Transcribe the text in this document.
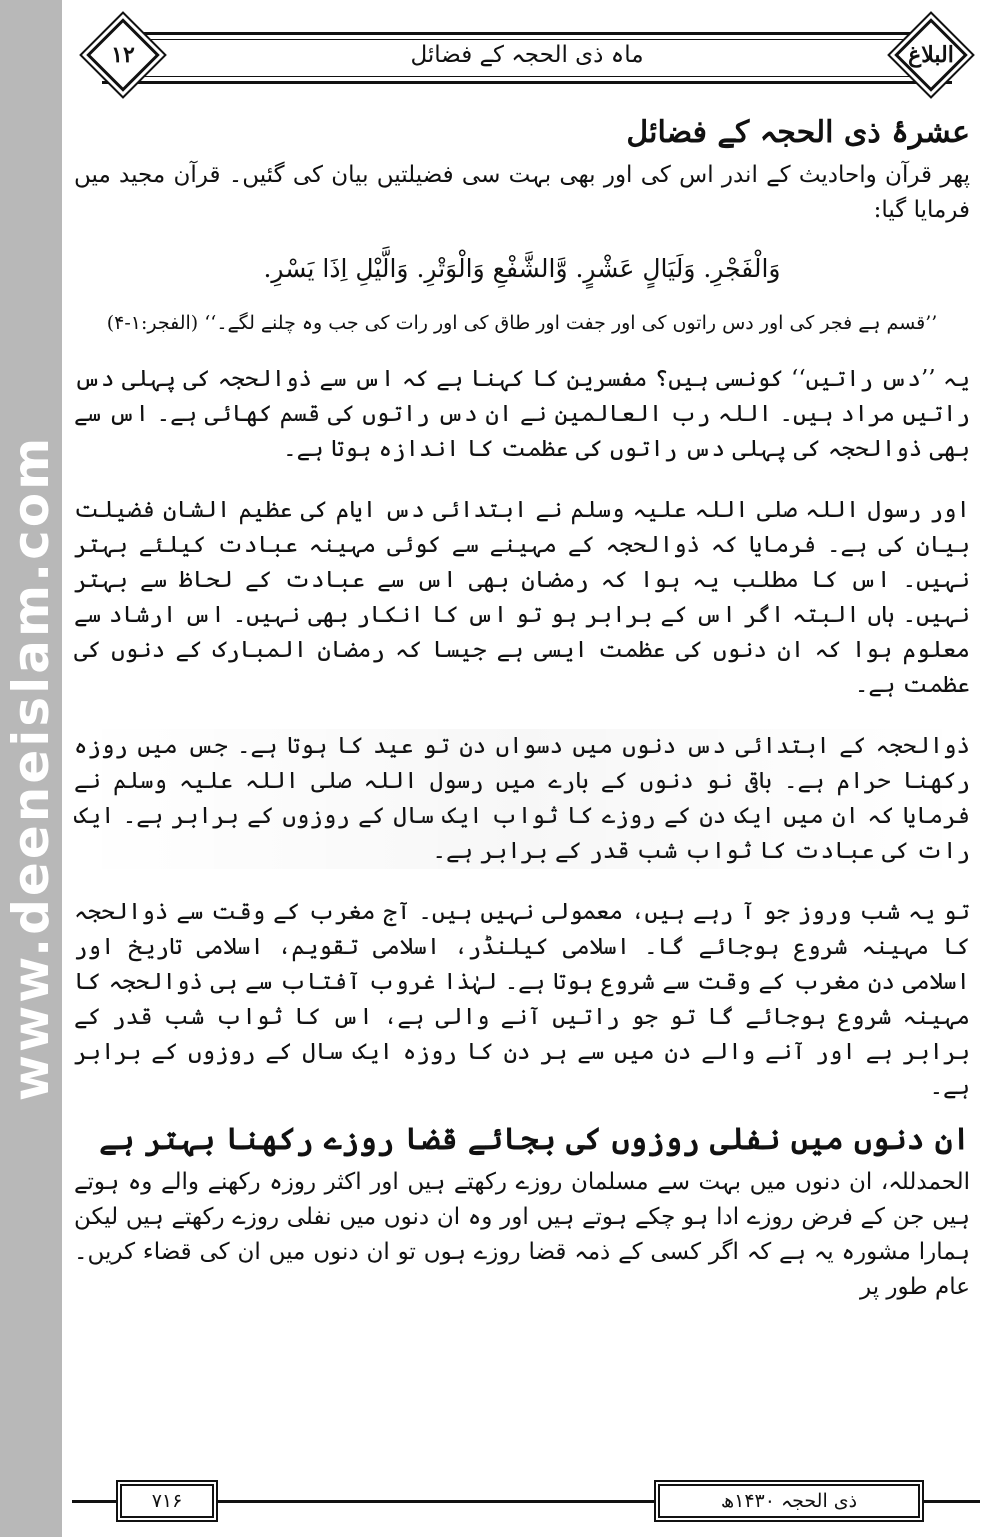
www.deeneislam.com
۱۲	ماہ ذی الحجہ کے فضائل	البلاغ

عشرۂ ذی الحجہ کے فضائل

پھر قرآن واحادیث کے اندر اس کی اور بھی بہت سی فضیلتیں بیان کی گئیں۔ قرآن مجید میں فرمایا گیا:

وَالْفَجْرِ. وَلَيَالٍ عَشْرٍ. وَّالشَّفْعِ وَالْوَتْرِ. وَالَّيْلِ اِذَا يَسْرِ.

’’قسم ہے فجر کی اور دس راتوں کی اور جفت اور طاق کی اور رات کی جب وہ چلنے لگے۔‘‘ (الفجر:۱-۴)

یہ ’’دس راتیں‘‘ کونسی ہیں؟ مفسرین کا کہنا ہے کہ اس سے ذوالحجہ کی پہلی دس راتیں مراد ہیں۔ اللہ رب العالمین نے ان دس راتوں کی قسم کھائی ہے۔ اس سے بھی ذوالحجہ کی پہلی دس راتوں کی عظمت کا اندازہ ہوتا ہے۔

اور رسول اللہ صلی اللہ علیہ وسلم نے ابتدائی دس ایام کی عظیم الشان فضیلت بیان کی ہے۔ فرمایا کہ ذوالحجہ کے مہینے سے کوئی مہینہ عبادت کیلئے بہتر نہیں۔ اس کا مطلب یہ ہوا کہ رمضان بھی اس سے عبادت کے لحاظ سے بہتر نہیں۔ ہاں البتہ اگر اس کے برابر ہو تو اس کا انکار بھی نہیں۔ اس ارشاد سے معلوم ہوا کہ ان دنوں کی عظمت ایسی ہے جیسا کہ رمضان المبارک کے دنوں کی عظمت ہے۔

ذوالحجہ کے ابتدائی دس دنوں میں دسواں دن تو عید کا ہوتا ہے۔ جس میں روزہ رکھنا حرام ہے۔ باقی نو دنوں کے بارے میں رسول اللہ صلی اللہ علیہ وسلم نے فرمایا کہ ان میں ایک دن کے روزے کا ثواب ایک سال کے روزوں کے برابر ہے۔ ایک رات کی عبادت کا ثواب شب قدر کے برابر ہے۔

تو یہ شب وروز جو آ رہے ہیں، معمولی نہیں ہیں۔ آج مغرب کے وقت سے ذوالحجہ کا مہینہ شروع ہوجائے گا۔ اسلامی کیلنڈر، اسلامی تقویم، اسلامی تاریخ اور اسلامی دن مغرب کے وقت سے شروع ہوتا ہے۔ لہٰذا غروب آفتاب سے ہی ذوالحجہ کا مہینہ شروع ہوجائے گا تو جو راتیں آنے والی ہے، اس کا ثواب شب قدر کے برابر ہے اور آنے والے دن میں سے ہر دن کا روزہ ایک سال کے روزوں کے برابر ہے۔

ان دنوں میں نفلی روزوں کی بجائے قضا روزے رکھنا بہتر ہے

الحمدللہ، ان دنوں میں بہت سے مسلمان روزے رکھتے ہیں اور اکثر روزہ رکھنے والے وہ ہوتے ہیں جن کے فرض روزے ادا ہو چکے ہوتے ہیں اور وہ ان دنوں میں نفلی روزے رکھتے ہیں لیکن ہمارا مشورہ یہ ہے کہ اگر کسی کے ذمہ قضا روزے ہوں تو ان دنوں میں ان کی قضاء کریں۔ عام طور پر

۷۱۶	ذی الحجہ ۱۴۳۰ھ
